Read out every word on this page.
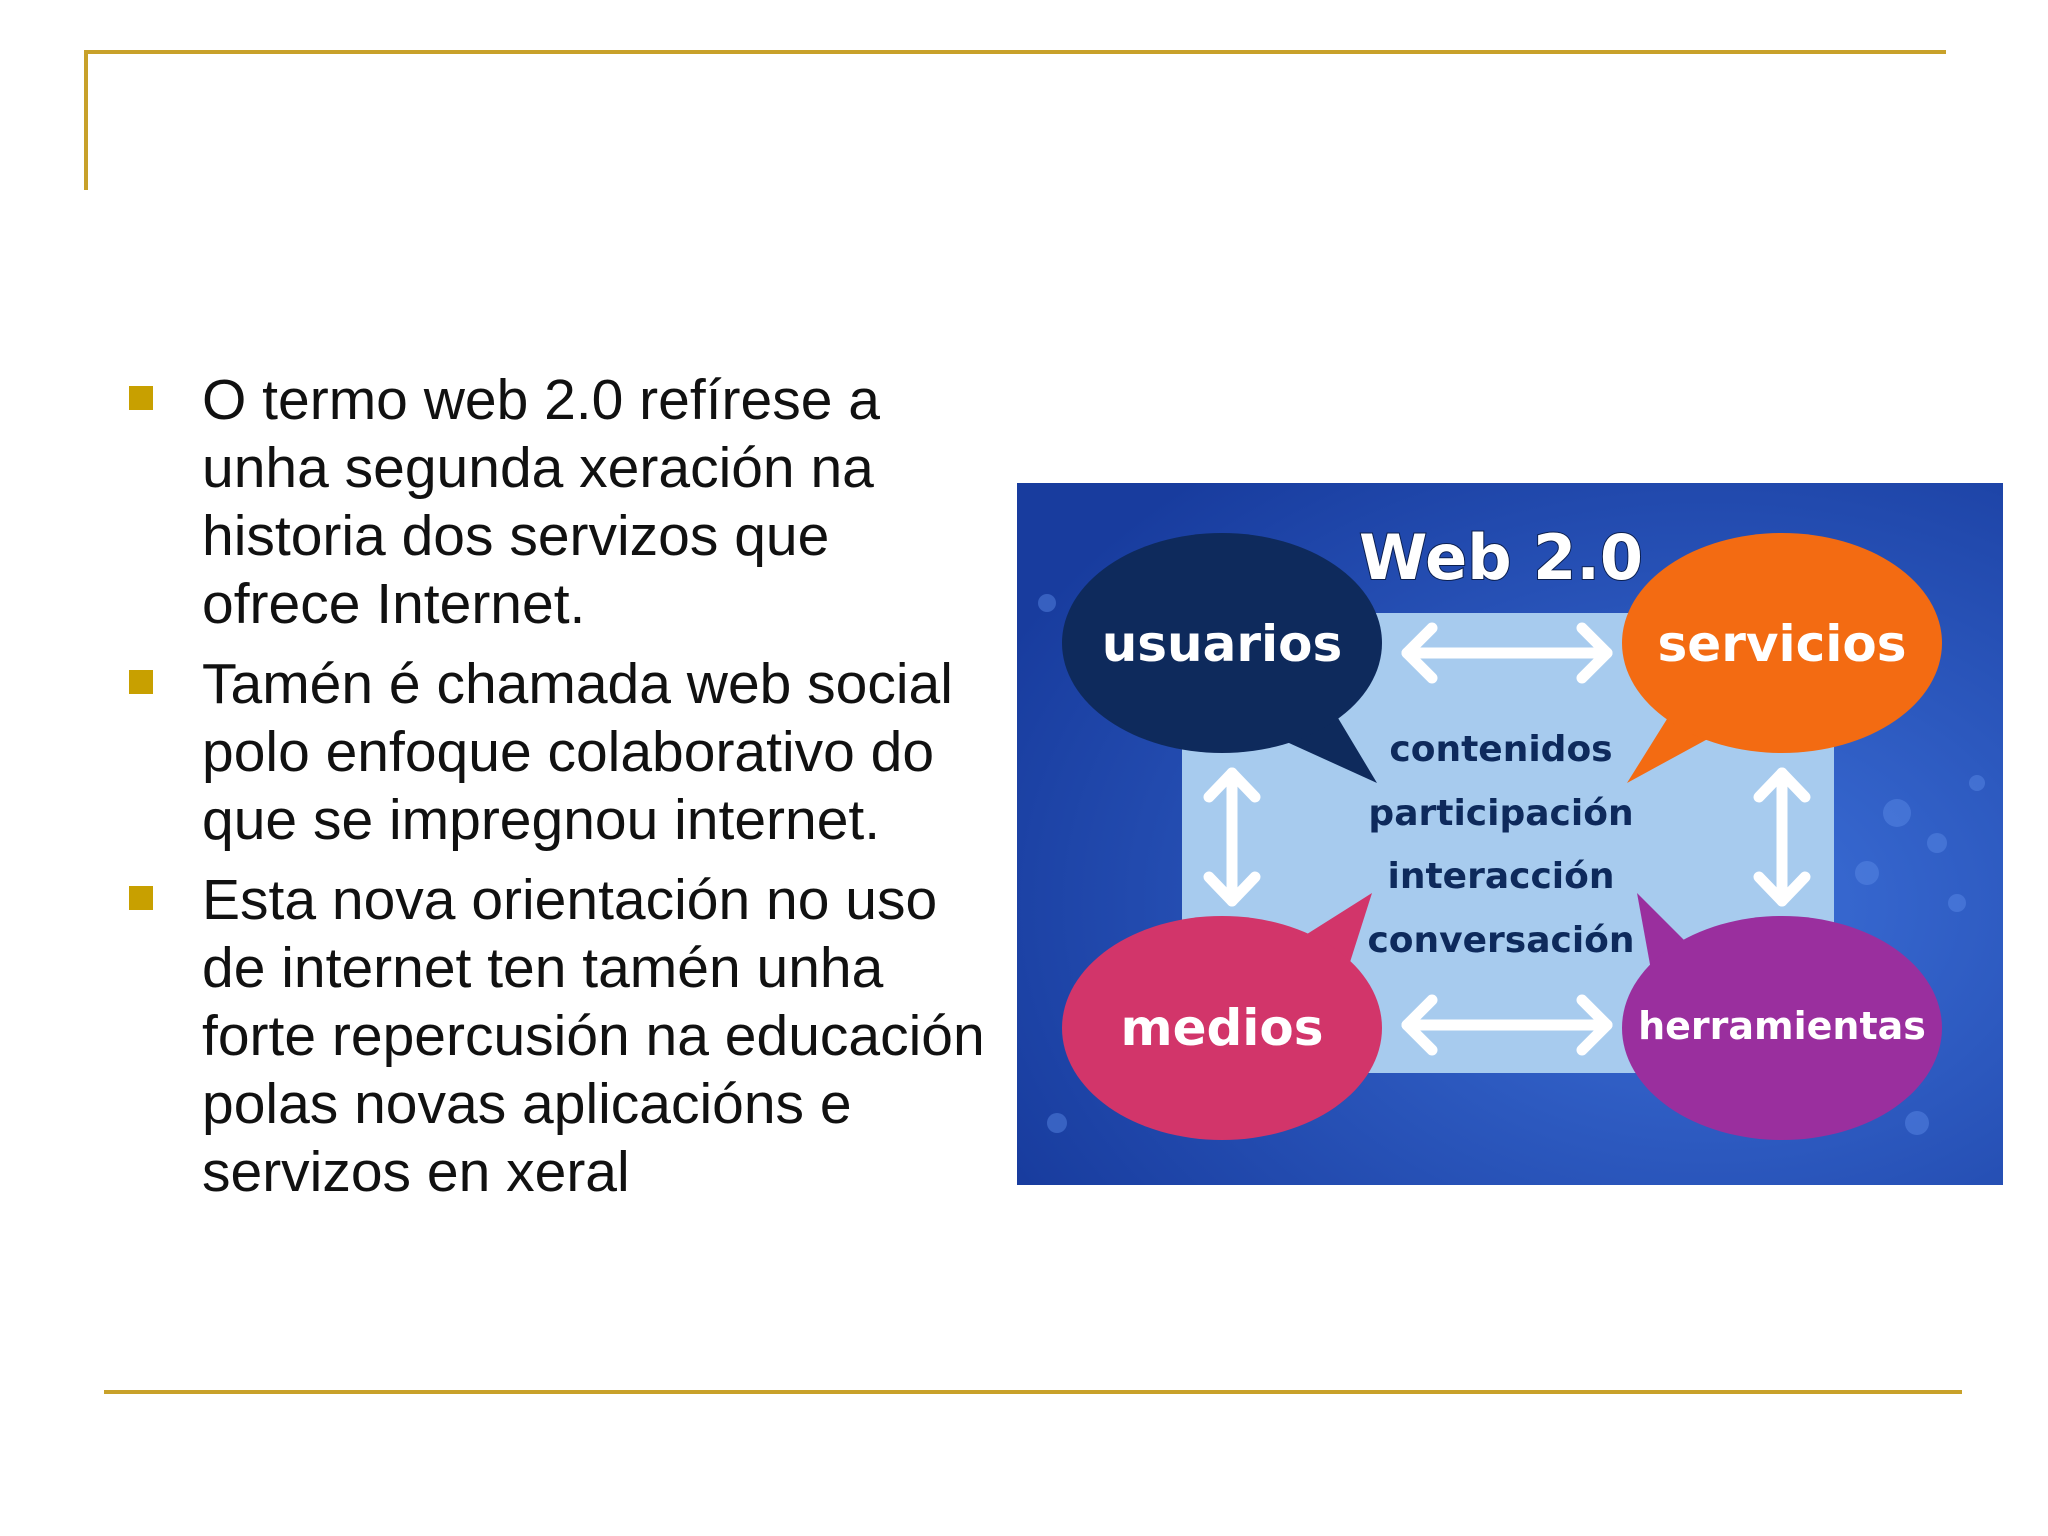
O termo web 2.0 refírese a unha segunda xeración na historia dos servizos que ofrece Internet.
Tamén é chamada web social polo enfoque colaborativo do que se impregnou internet.
Esta nova orientación no uso de internet ten tamén unha forte repercusión na educación polas novas aplicacións e servizos en xeral
Web 2.0
usuarios	servicios
medios	herramientas
contenidos
participación
interacción
conversación
